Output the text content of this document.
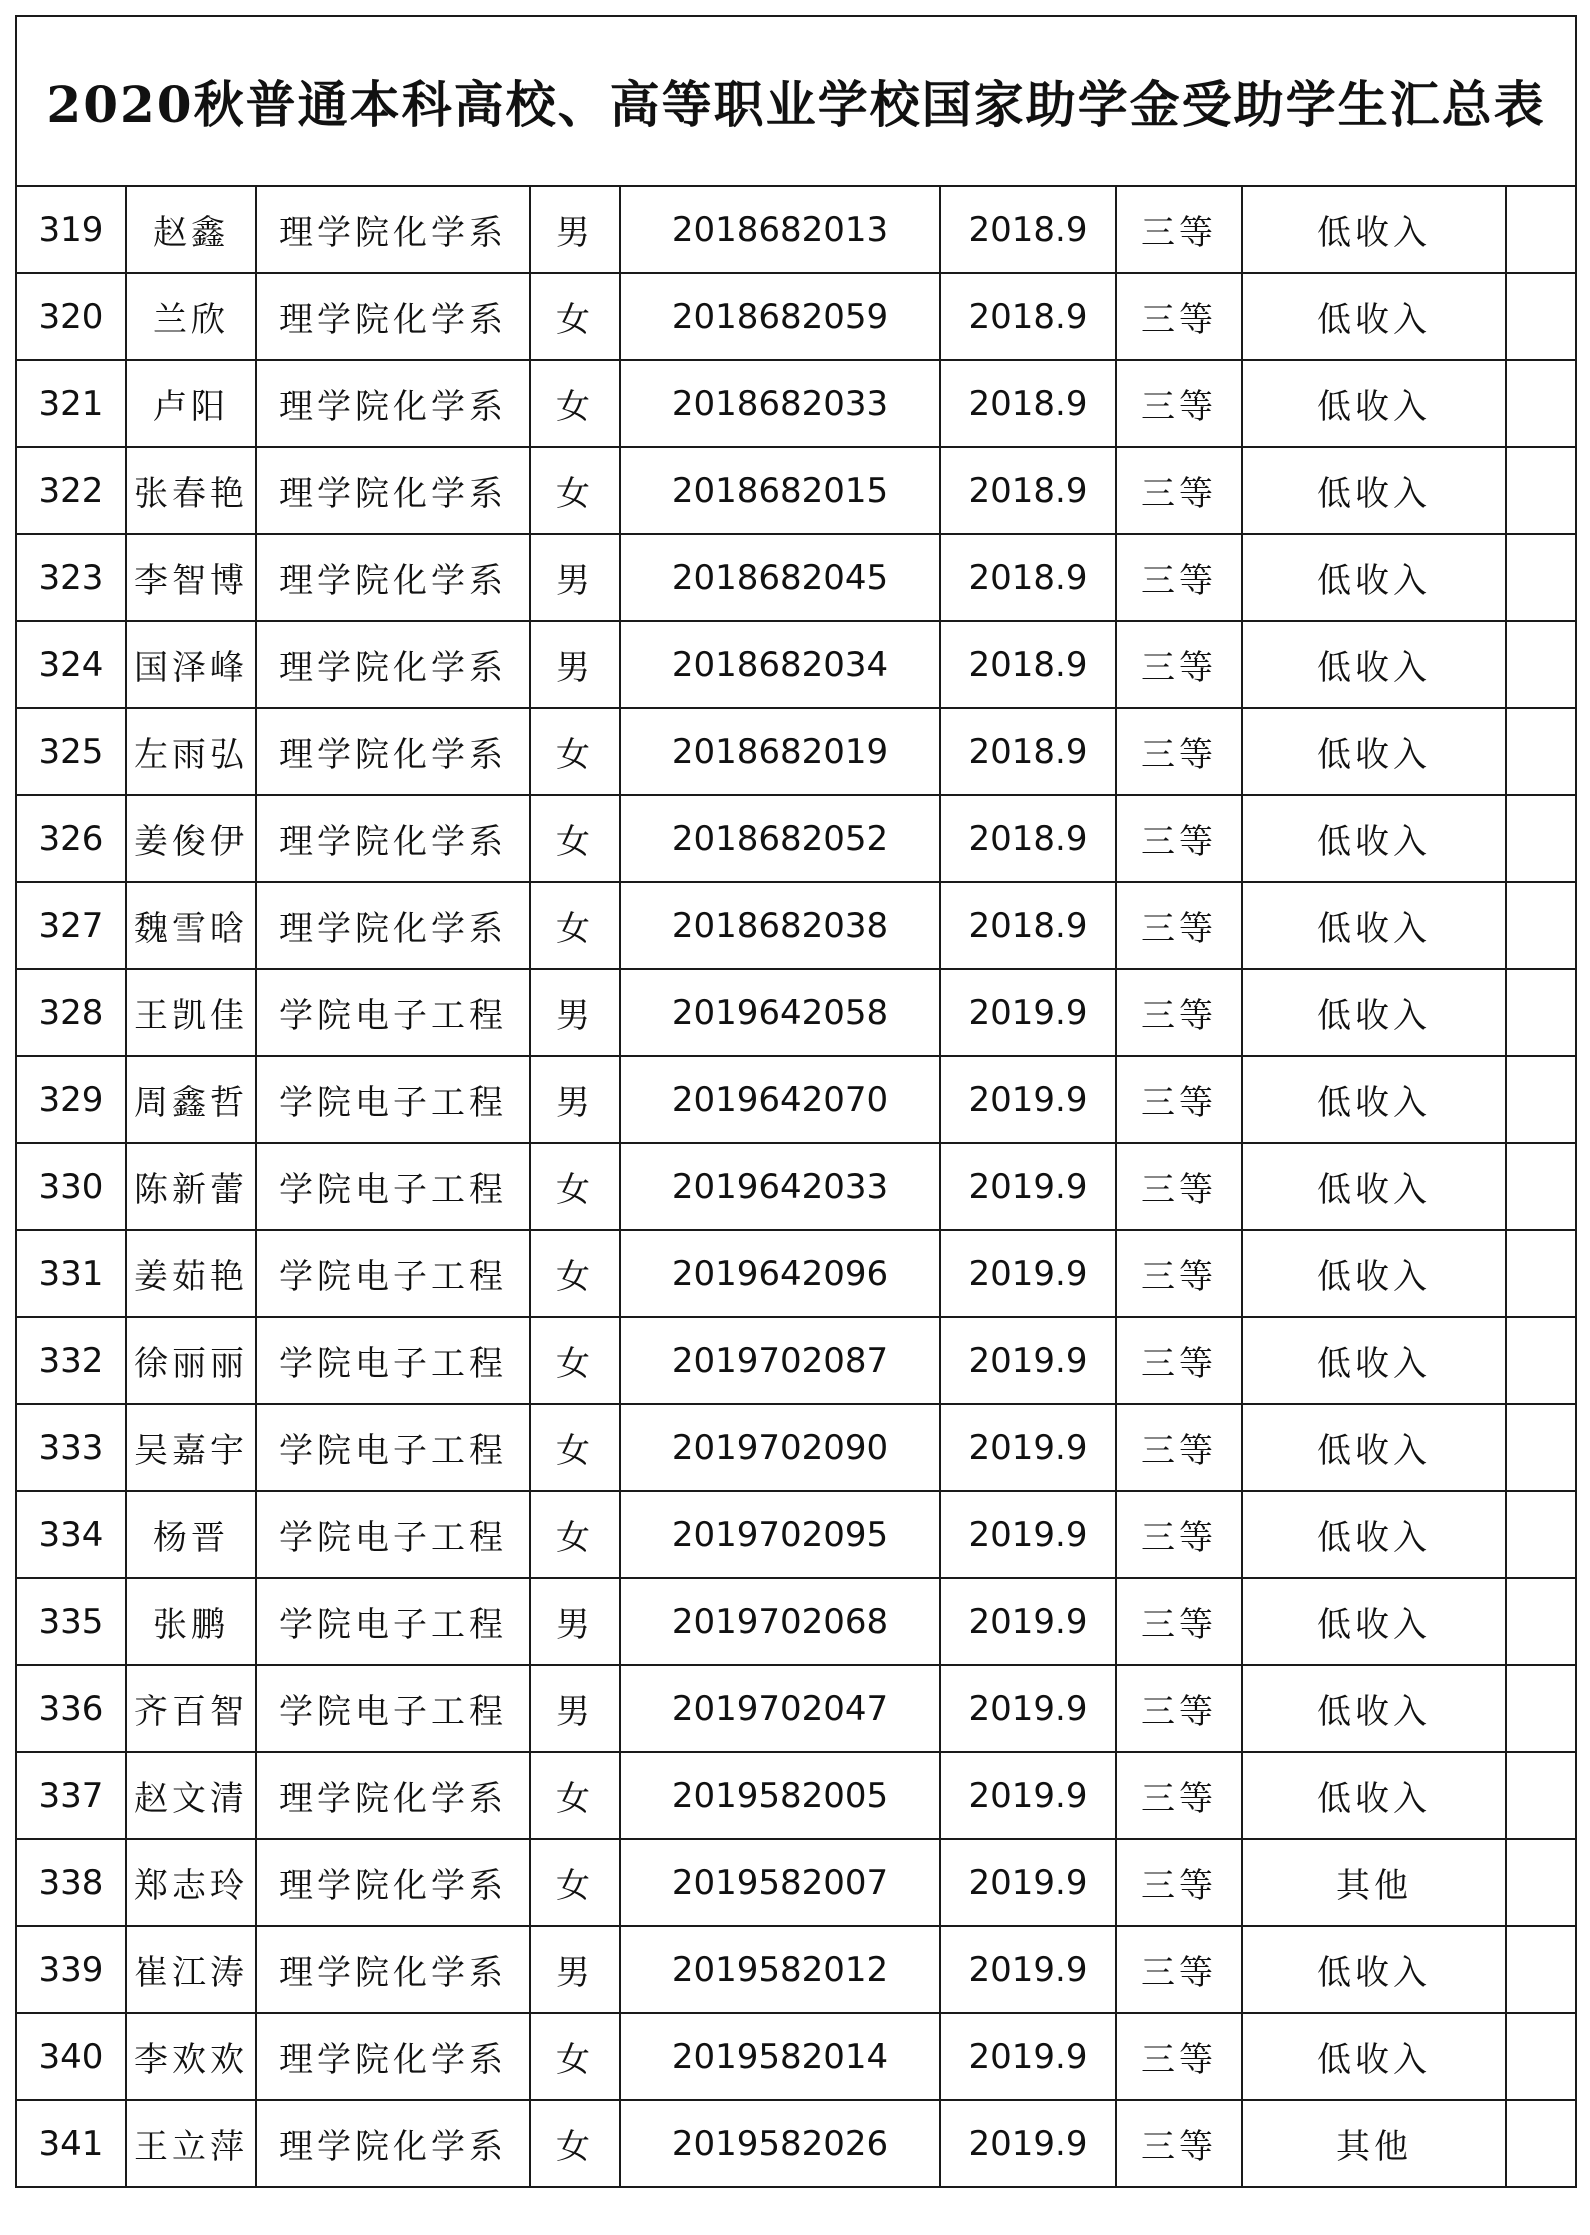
2020秋普通本科高校、高等职业学校国家助学金受助学生汇总表								
319	赵鑫	理学院化学系	男	2018682013	2018.9	三等	低收入	
320	兰欣	理学院化学系	女	2018682059	2018.9	三等	低收入	
321	卢阳	理学院化学系	女	2018682033	2018.9	三等	低收入	
322	张春艳	理学院化学系	女	2018682015	2018.9	三等	低收入	
323	李智博	理学院化学系	男	2018682045	2018.9	三等	低收入	
324	国泽峰	理学院化学系	男	2018682034	2018.9	三等	低收入	
325	左雨弘	理学院化学系	女	2018682019	2018.9	三等	低收入	
326	姜俊伊	理学院化学系	女	2018682052	2018.9	三等	低收入	
327	魏雪晗	理学院化学系	女	2018682038	2018.9	三等	低收入	
328	王凯佳	学院电子工程	男	2019642058	2019.9	三等	低收入	
329	周鑫哲	学院电子工程	男	2019642070	2019.9	三等	低收入	
330	陈新蕾	学院电子工程	女	2019642033	2019.9	三等	低收入	
331	姜茹艳	学院电子工程	女	2019642096	2019.9	三等	低收入	
332	徐丽丽	学院电子工程	女	2019702087	2019.9	三等	低收入	
333	吴嘉宇	学院电子工程	女	2019702090	2019.9	三等	低收入	
334	杨晋	学院电子工程	女	2019702095	2019.9	三等	低收入	
335	张鹏	学院电子工程	男	2019702068	2019.9	三等	低收入	
336	齐百智	学院电子工程	男	2019702047	2019.9	三等	低收入	
337	赵文清	理学院化学系	女	2019582005	2019.9	三等	低收入	
338	郑志玲	理学院化学系	女	2019582007	2019.9	三等	其他	
339	崔江涛	理学院化学系	男	2019582012	2019.9	三等	低收入	
340	李欢欢	理学院化学系	女	2019582014	2019.9	三等	低收入	
341	王立萍	理学院化学系	女	2019582026	2019.9	三等	其他	
